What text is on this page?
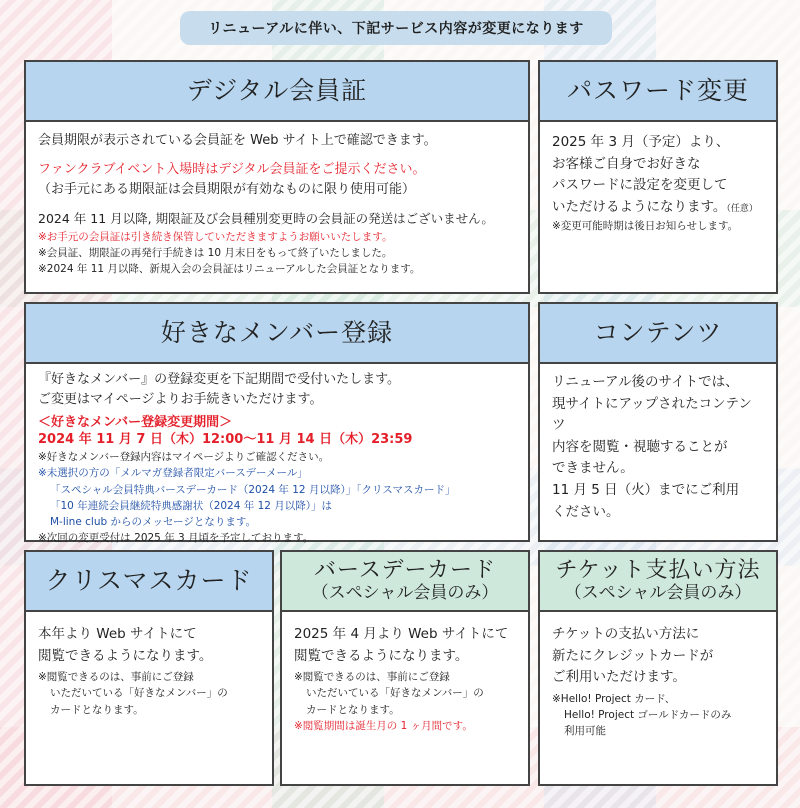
リニューアルに伴い、下記サービス内容が変更になります
デジタル会員証
会員期限が表示されている会員証を Web サイト上で確認できます。
ファンクラブイベント入場時はデジタル会員証をご提示ください。
（お手元にある期限証は会員期限が有効なものに限り使用可能）
2024 年 11 月以降, 期限証及び会員種別変更時の会員証の発送はございません。
※お手元の会員証は引き続き保管していただきますようお願いいたします。
※会員証、期限証の再発行手続きは 10 月末日をもって終了いたしました。
※2024 年 11 月以降、新規入会の会員証はリニューアルした会員証となります。
パスワード変更
2025 年 3 月（予定）より、
お客様ご自身でお好きな
パスワードに設定を変更して
いただけるようになります。（任意）
※変更可能時期は後日お知らせします。
好きなメンバー登録
『好きなメンバー』の登録変更を下記期間で受付いたします。
ご変更はマイページよりお手続きいただけます。
＜好きなメンバー登録変更期間＞
2024 年 11 月 7 日（木）12:00〜11 月 14 日（木）23:59
※好きなメンバー登録内容はマイページよりご確認ください。
※未選択の方の「メルマガ登録者限定バースデーメール」
「スペシャル会員特典バースデーカード（2024 年 12 月以降）」「クリスマスカード」
「10 年連続会員継続特典感謝状（2024 年 12 月以降）」は
M-line club からのメッセージとなります。
※次回の変更受付は 2025 年 3 月頃を予定しております。
コンテンツ
リニューアル後のサイトでは、
現サイトにアップされたコンテンツ
内容を閲覧・視聴することが
できません。
11 月 5 日（火）までにご利用
ください。
クリスマスカード
本年より Web サイトにて
閲覧できるようになります。
※閲覧できるのは、事前にご登録
いただいている「好きなメンバー」の
カードとなります。
バースデーカード
（スペシャル会員のみ）
2025 年 4 月より Web サイトにて
閲覧できるようになります。
※閲覧できるのは、事前にご登録
いただいている「好きなメンバー」の
カードとなります。
※閲覧期間は誕生月の 1 ヶ月間です。
チケット支払い方法
（スペシャル会員のみ）
チケットの支払い方法に
新たにクレジットカードが
ご利用いただけます。
※Hello! Project カード、
Hello! Project ゴールドカードのみ
利用可能
